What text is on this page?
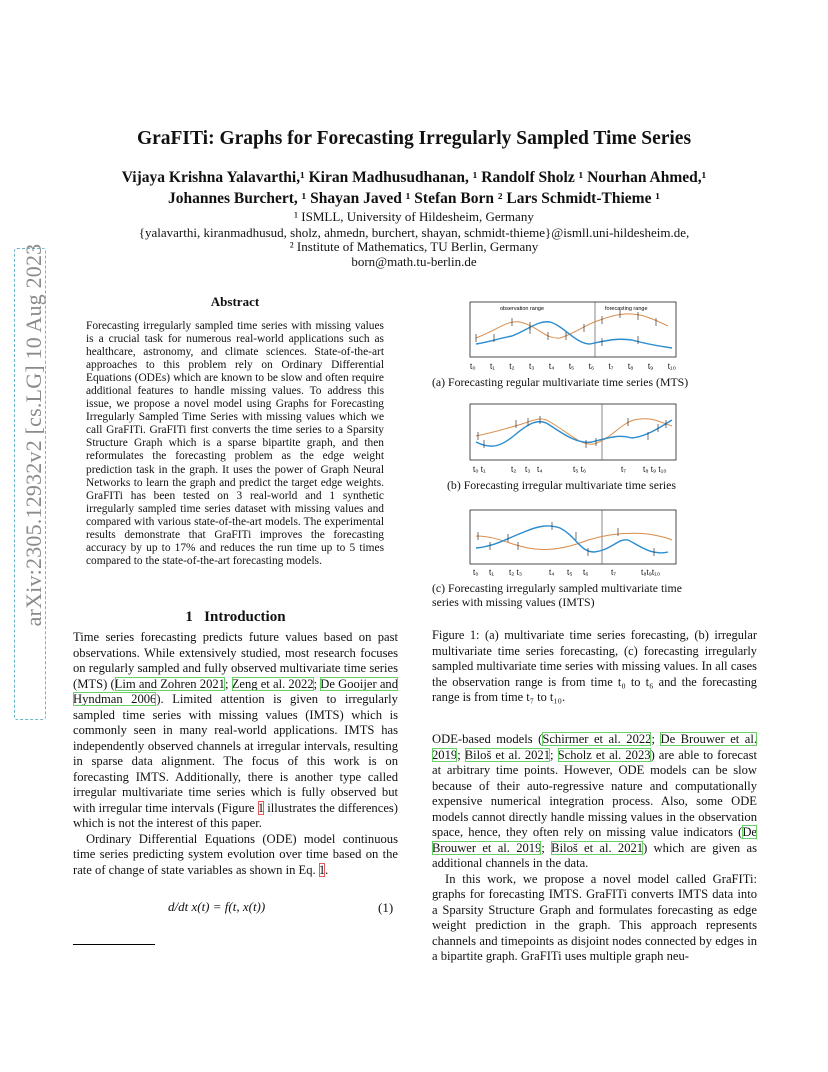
arXiv:2305.12932v2 [cs.LG] 10 Aug 2023
GraFITi: Graphs for Forecasting Irregularly Sampled Time Series
Vijaya Krishna Yalavarthi,¹ Kiran Madhusudhanan, ¹ Randolf Sholz ¹ Nourhan Ahmed,¹
Johannes Burchert, ¹ Shayan Javed ¹ Stefan Born ² Lars Schmidt-Thieme ¹
¹ ISMLL, University of Hildesheim, Germany
{yalavarthi, kiranmadhusud, sholz, ahmedn, burchert, shayan, schmidt-thieme}@ismll.uni-hildesheim.de,
² Institute of Mathematics, TU Berlin, Germany
born@math.tu-berlin.de
Abstract
Forecasting irregularly sampled time series with missing values is a crucial task for numerous real-world applications such as healthcare, astronomy, and climate sciences. State-of-the-art approaches to this problem rely on Ordinary Differential Equations (ODEs) which are known to be slow and often require additional features to handle missing values. To address this issue, we propose a novel model using Graphs for Forecasting Irregularly Sampled Time Series with missing values which we call GraFITi. GraFITi first converts the time series to a Sparsity Structure Graph which is a sparse bipartite graph, and then reformulates the forecasting problem as the edge weight prediction task in the graph. It uses the power of Graph Neural Networks to learn the graph and predict the target edge weights. GraFITi has been tested on 3 real-world and 1 synthetic irregularly sampled time series dataset with missing values and compared with various state-of-the-art models. The experimental results demonstrate that GraFITi improves the forecasting accuracy by up to 17% and reduces the run time up to 5 times compared to the state-of-the-art forecasting models.
1 Introduction

Time series forecasting predicts future values based on past observations. While extensively studied, most research focuses on regularly sampled and fully observed multivariate time series (MTS) (Lim and Zohren 2021; Zeng et al. 2022; De Gooijer and Hyndman 2006). Limited attention is given to irregularly sampled time series with missing values (IMTS) which is commonly seen in many real-world applications. IMTS has independently observed channels at irregular intervals, resulting in sparse data alignment. The focus of this work is on forecasting IMTS. Additionally, there is another type called irregular multivariate time series which is fully observed but with irregular time intervals (Figure 1 illustrates the differences) which is not the interest of this paper.

Ordinary Differential Equations (ODE) model continuous time series predicting system evolution over time based on the rate of change of state variables as shown in Eq. 1.

d/dt x(t) = f(t, x(t))	(1)
observation range	forecasting range
t₀ t₁ t₂ t₃ t₄ t₅ t₆ t₇ t₈ t₉ t₁₀
(a) Forecasting regular multivariate time series (MTS)
t₀ t₁	t₂ t₃ t₄	t₅ t₆	t₇ t₈ t₉ t₁₀
(b) Forecasting irregular multivariate time series
t₀ t₁ t₂ t₃	t₄ t₅ t₆	t₇	t₈t₉t₁₀
(c) Forecasting irregularly sampled multivariate time series with missing values (IMTS)
Figure 1: (a) multivariate time series forecasting, (b) irregular multivariate time series forecasting, (c) forecasting irregularly sampled multivariate time series with missing values. In all cases the observation range is from time t₀ to t₆ and the forecasting range is from time t₇ to t₁₀.

ODE-based models (Schirmer et al. 2022; De Brouwer et al. 2019; Biloš et al. 2021; Scholz et al. 2023) are able to forecast at arbitrary time points. However, ODE models can be slow because of their auto-regressive nature and computationally expensive numerical integration process. Also, some ODE models cannot directly handle missing values in the observation space, hence, they often rely on missing value indicators (De Brouwer et al. 2019; Biloš et al. 2021) which are given as additional channels in the data.

In this work, we propose a novel model called GraFITi: graphs for forecasting IMTS. GraFITi converts IMTS data into a Sparsity Structure Graph and formulates forecasting as edge weight prediction in the graph. This approach represents channels and timepoints as disjoint nodes connected by edges in a bipartite graph. GraFITi uses multiple graph neu-
